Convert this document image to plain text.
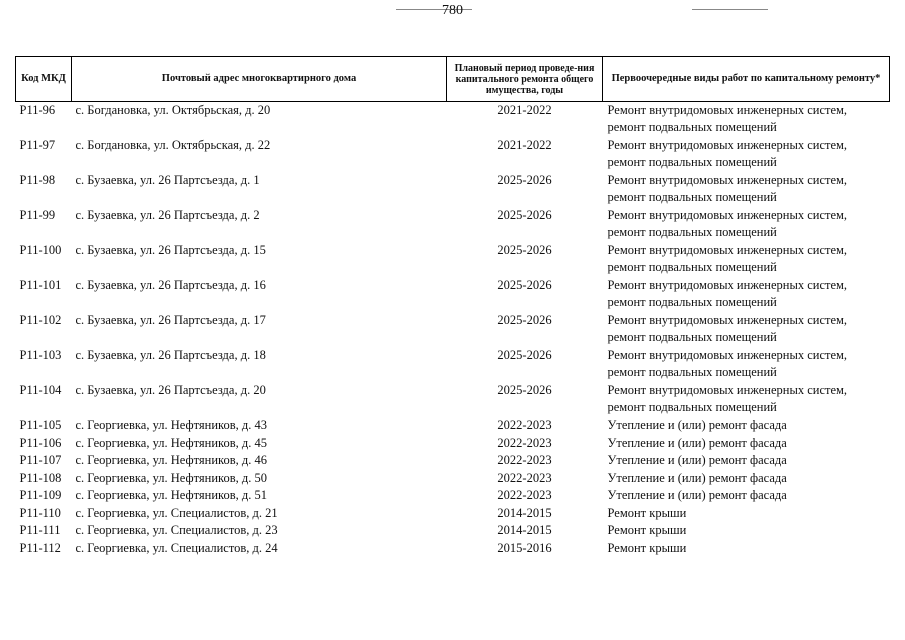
780
Код МКД	Почтовый адрес многоквартирного дома	Плановый период проведе-ния капитального ремонта общего имущества, годы	Первоочередные виды работ по капитальному ремонту*
Р11-96	с. Богдановка, ул. Октябрьская, д. 20	2021-2022	Ремонт внутридомовых инженерных систем, ремонт подвальных помещений
Р11-97	с. Богдановка, ул. Октябрьская, д. 22	2021-2022	Ремонт внутридомовых инженерных систем, ремонт подвальных помещений
Р11-98	с. Бузаевка, ул. 26 Партсъезда, д. 1	2025-2026	Ремонт внутридомовых инженерных систем, ремонт подвальных помещений
Р11-99	с. Бузаевка, ул. 26 Партсъезда, д. 2	2025-2026	Ремонт внутридомовых инженерных систем, ремонт подвальных помещений
Р11-100	с. Бузаевка, ул. 26 Партсъезда, д. 15	2025-2026	Ремонт внутридомовых инженерных систем, ремонт подвальных помещений
Р11-101	с. Бузаевка, ул. 26 Партсъезда, д. 16	2025-2026	Ремонт внутридомовых инженерных систем, ремонт подвальных помещений
Р11-102	с. Бузаевка, ул. 26 Партсъезда, д. 17	2025-2026	Ремонт внутридомовых инженерных систем, ремонт подвальных помещений
Р11-103	с. Бузаевка, ул. 26 Партсъезда, д. 18	2025-2026	Ремонт внутридомовых инженерных систем, ремонт подвальных помещений
Р11-104	с. Бузаевка, ул. 26 Партсъезда, д. 20	2025-2026	Ремонт внутридомовых инженерных систем, ремонт подвальных помещений
Р11-105	с. Георгиевка, ул. Нефтяников, д. 43	2022-2023	Утепление и (или) ремонт фасада
Р11-106	с. Георгиевка, ул. Нефтяников, д. 45	2022-2023	Утепление и (или) ремонт фасада
Р11-107	с. Георгиевка, ул. Нефтяников, д. 46	2022-2023	Утепление и (или) ремонт фасада
Р11-108	с. Георгиевка, ул. Нефтяников, д. 50	2022-2023	Утепление и (или) ремонт фасада
Р11-109	с. Георгиевка, ул. Нефтяников, д. 51	2022-2023	Утепление и (или) ремонт фасада
Р11-110	с. Георгиевка, ул. Специалистов, д. 21	2014-2015	Ремонт крыши
Р11-111	с. Георгиевка, ул. Специалистов, д. 23	2014-2015	Ремонт крыши
Р11-112	с. Георгиевка, ул. Специалистов, д. 24	2015-2016	Ремонт крыши
